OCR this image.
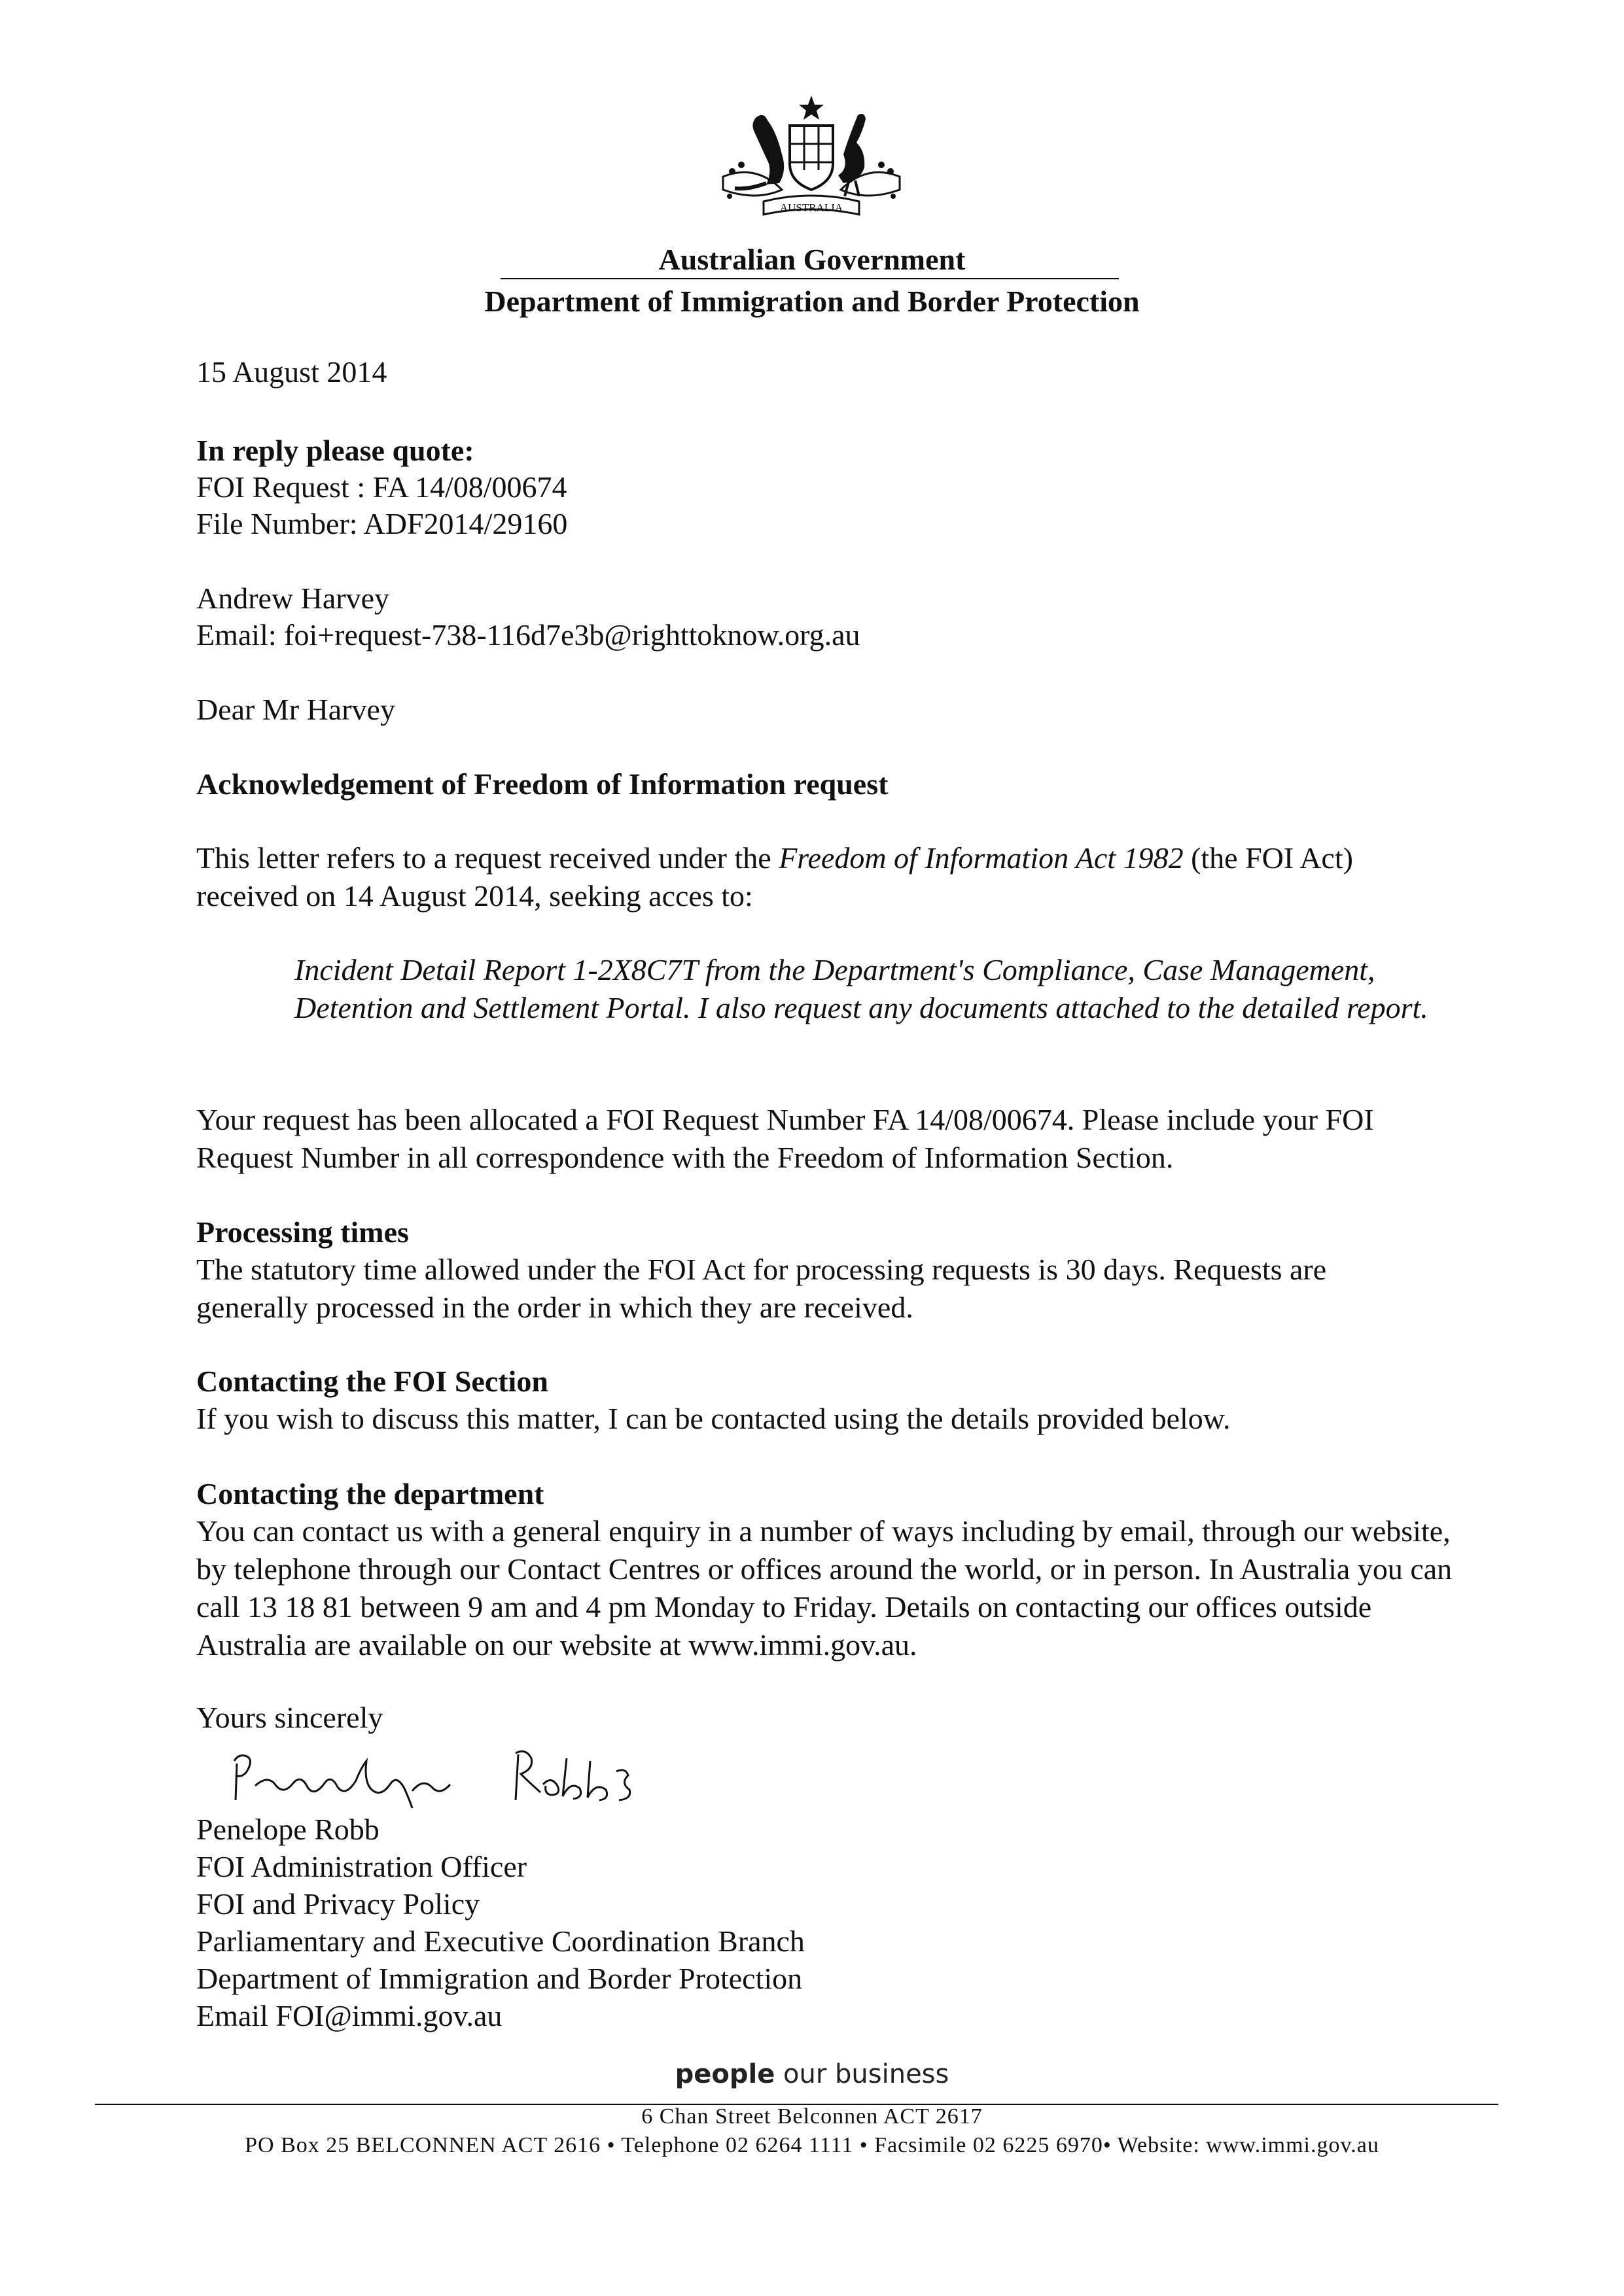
AUSTRALIA
Australian Government
Department of Immigration and Border Protection
15 August 2014
In reply please quote:
FOI Request : FA 14/08/00674
File Number: ADF2014/29160
Andrew Harvey
Email: foi+request-738-116d7e3b@righttoknow.org.au
Dear Mr Harvey
Acknowledgement of Freedom of Information request
This letter refers to a request received under the Freedom of Information Act 1982 (the FOI Act) received on 14 August 2014, seeking acces to:
Incident Detail Report 1-2X8C7T from the Department's Compliance, Case Management, Detention and Settlement Portal. I also request any documents attached to the detailed report.
Your request has been allocated a FOI Request Number FA 14/08/00674. Please include your FOI Request Number in all correspondence with the Freedom of Information Section.
Processing times
The statutory time allowed under the FOI Act for processing requests is 30 days. Requests are generally processed in the order in which they are received.
Contacting the FOI Section
If you wish to discuss this matter, I can be contacted using the details provided below.
Contacting the department
You can contact us with a general enquiry in a number of ways including by email, through our website, by telephone through our Contact Centres or offices around the world, or in person. In Australia you can call 13 18 81 between 9 am and 4 pm Monday to Friday. Details on contacting our offices outside Australia are available on our website at www.immi.gov.au.
Yours sincerely
Penelope Robb
FOI Administration Officer
FOI and Privacy Policy
Parliamentary and Executive Coordination Branch
Department of Immigration and Border Protection
Email FOI@immi.gov.au
people our business
6 Chan Street Belconnen ACT 2617
PO Box 25 BELCONNEN ACT 2616 • Telephone 02 6264 1111 • Facsimile 02 6225 6970• Website: www.immi.gov.au
